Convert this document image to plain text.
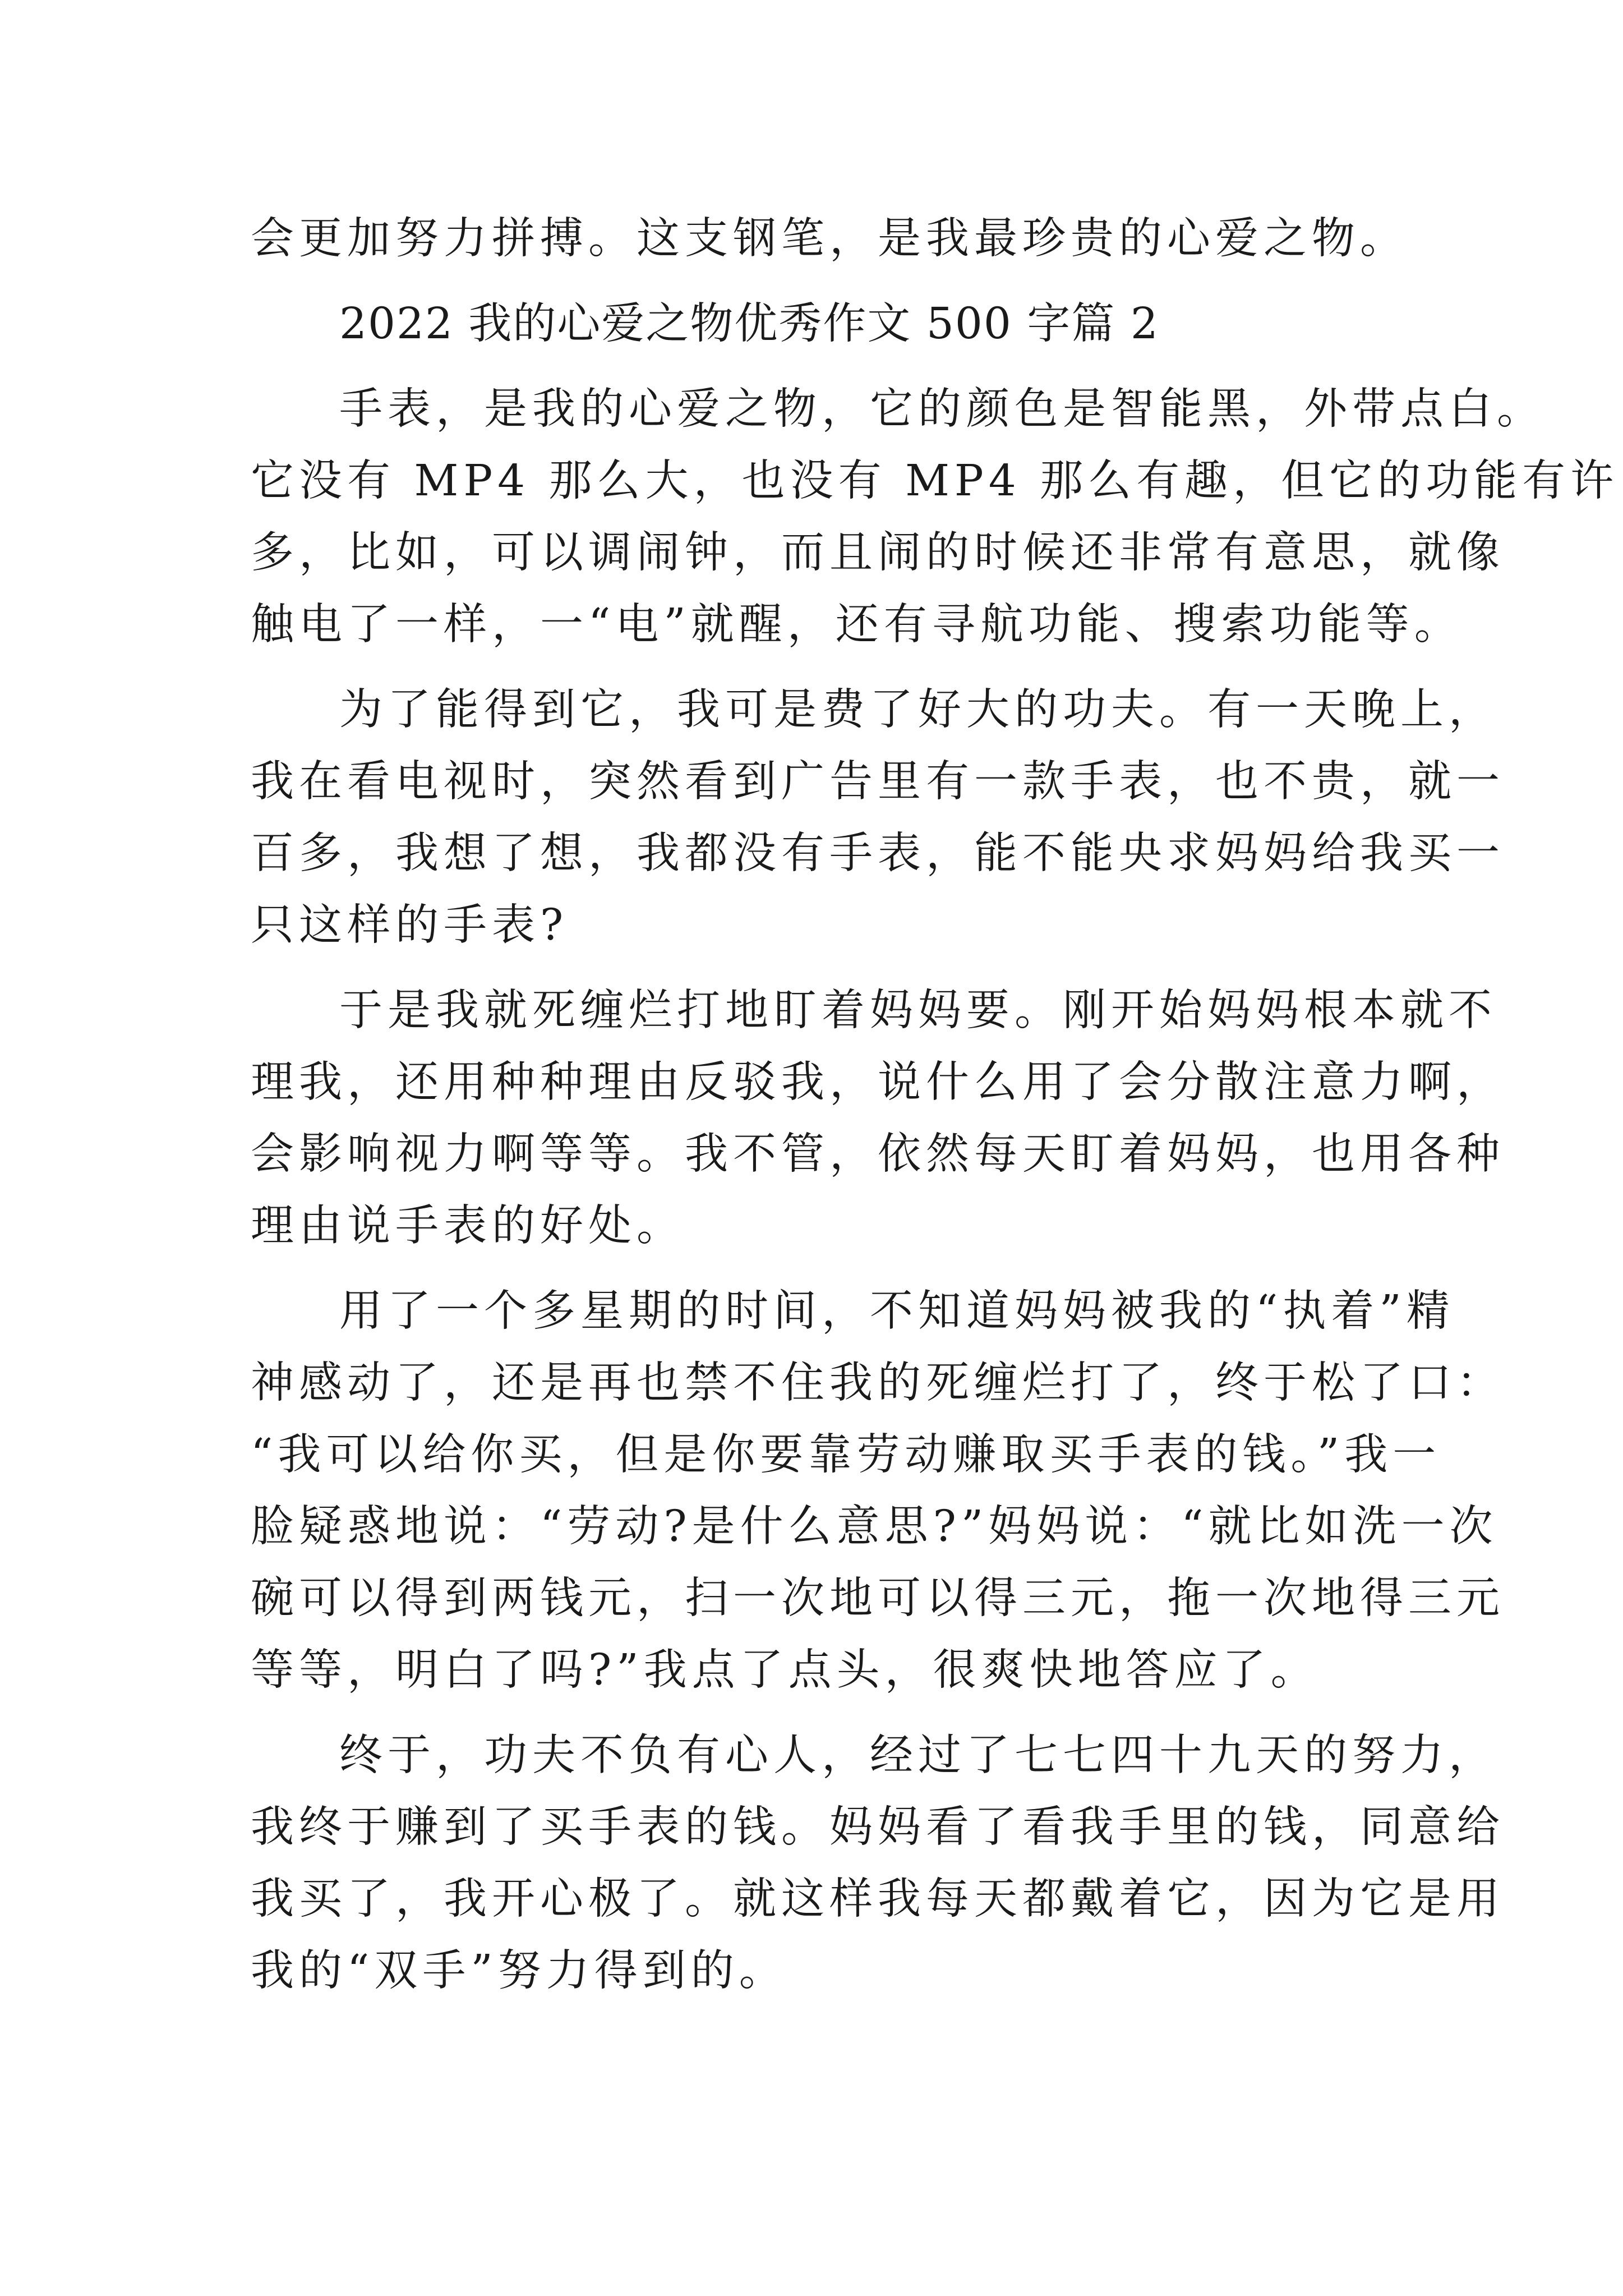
会更加努力拼搏。这支钢笔，是我最珍贵的心爱之物。
2022 我的心爱之物优秀作文 500 字篇 2
手表，是我的心爱之物，它的颜色是智能黑，外带点白。
它没有 MP4 那么大，也没有 MP4 那么有趣，但它的功能有许
多，比如，可以调闹钟，而且闹的时候还非常有意思，就像
触电了一样，一“电”就醒，还有寻航功能、搜索功能等。
为了能得到它，我可是费了好大的功夫。有一天晚上，
我在看电视时，突然看到广告里有一款手表，也不贵，就一
百多，我想了想，我都没有手表，能不能央求妈妈给我买一
只这样的手表?
于是我就死缠烂打地盯着妈妈要。刚开始妈妈根本就不
理我，还用种种理由反驳我，说什么用了会分散注意力啊，
会影响视力啊等等。我不管，依然每天盯着妈妈，也用各种
理由说手表的好处。
用了一个多星期的时间，不知道妈妈被我的“执着”精
神感动了，还是再也禁不住我的死缠烂打了，终于松了口：
“我可以给你买，但是你要靠劳动赚取买手表的钱。”我一
脸疑惑地说：“劳动?是什么意思?”妈妈说：“就比如洗一次
碗可以得到两钱元，扫一次地可以得三元，拖一次地得三元
等等，明白了吗?”我点了点头，很爽快地答应了。
终于，功夫不负有心人，经过了七七四十九天的努力，
我终于赚到了买手表的钱。妈妈看了看我手里的钱，同意给
我买了，我开心极了。就这样我每天都戴着它，因为它是用
我的“双手”努力得到的。
